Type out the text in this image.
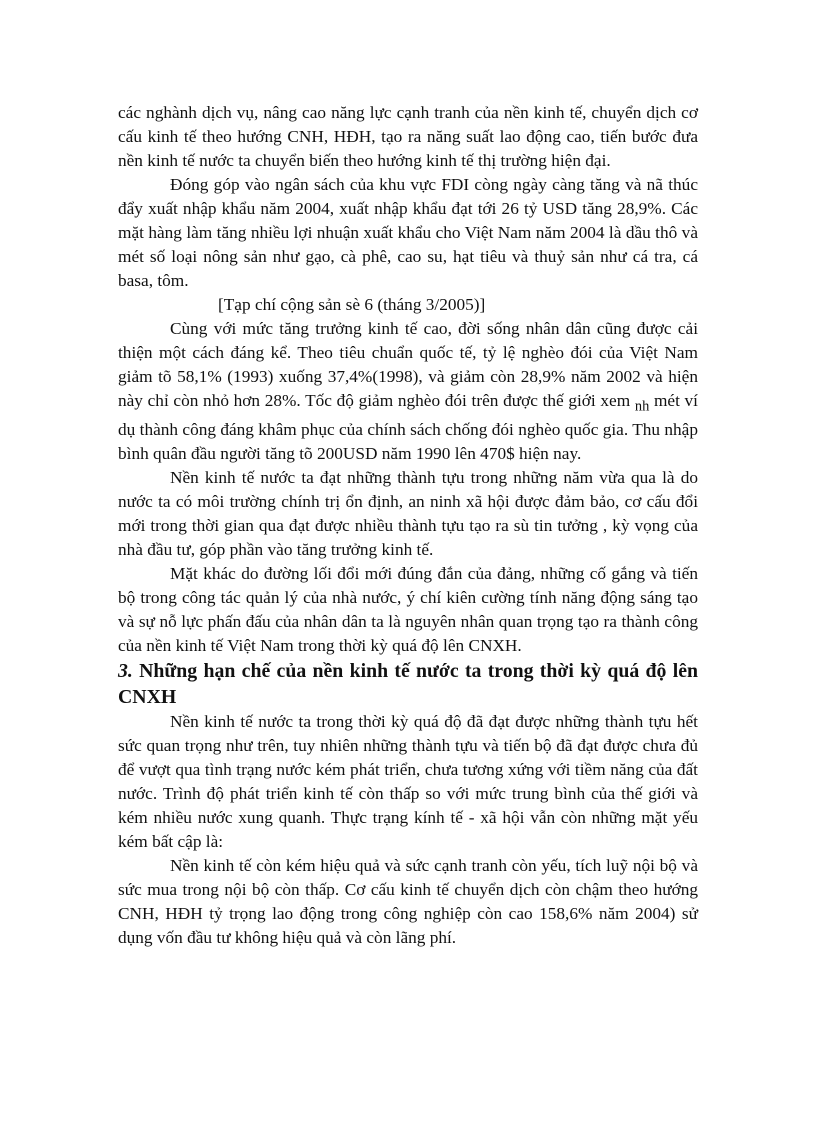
các nghành dịch vụ, nâng cao năng lực cạnh tranh của nền kinh tế, chuyển dịch cơ cấu kinh tế theo hướng CNH, HĐH, tạo ra năng suất lao động cao, tiến bước đưa nền kinh tế nước ta chuyển biến theo hướng kinh tế thị trường hiện đại.

Đóng góp vào ngân sách của khu vực FDI còng ngày càng tăng và nã thúc đẩy xuất nhập khẩu năm 2004, xuất nhập khẩu đạt tới 26 tỷ USD tăng 28,9%. Các mặt hàng làm tăng nhiều lợi nhuận xuất khẩu cho Việt Nam năm 2004 là dầu thô và mét số loại nông sản như gạo, cà phê, cao su, hạt tiêu và thuỷ sản như cá tra, cá basa, tôm.

[Tạp chí cộng sản sè 6 (tháng 3/2005)]

Cùng với mức tăng trưởng kinh tế cao, đời sống nhân dân cũng được cải thiện một cách đáng kể. Theo tiêu chuẩn quốc tế, tỷ lệ nghèo đói của Việt Nam giảm tõ 58,1% (1993) xuống 37,4%(1998), và giảm còn 28,9% năm 2002 và hiện này chỉ còn nhỏ hơn 28%. Tốc độ giảm nghèo đói trên được thế giới xem $_{nh}$ mét ví dụ thành công đáng khâm phục của chính sách chống đói nghèo quốc gia. Thu nhập bình quân đầu người tăng tõ 200USD năm 1990 lên 470$ hiện nay.

Nền kinh tế nước ta đạt những thành tựu trong những năm vừa qua là do nước ta có môi trường chính trị ổn định, an ninh xã hội được đảm bảo, cơ cấu đổi mới trong thời gian qua đạt được nhiều thành tựu tạo ra sù tin tưởng , kỳ vọng của nhà đầu tư, góp phần vào tăng trưởng kinh tế.

Mặt khác do đường lối đổi mới đúng đắn của đảng, những cố gắng và tiến bộ trong công tác quản lý của nhà nước, ý chí kiên cường tính năng động sáng tạo và sự nỗ lực phấn đấu của nhân dân ta là nguyên nhân quan trọng tạo ra thành công của nền kinh tế Việt Nam trong thời kỳ quá độ lên CNXH.

3. Những hạn chế của nền kinh tế nước ta trong thời kỳ quá độ lên CNXH

Nền kinh tế nước ta trong thời kỳ quá độ đã đạt được những thành tựu hết sức quan trọng như trên, tuy nhiên những thành tựu và tiến bộ đã đạt được chưa đủ để vượt qua tình trạng nước kém phát triển, chưa tương xứng với tiềm năng của đất nước. Trình độ phát triển kinh tế còn thấp so với mức trung bình của thế giới và kém nhiều nước xung quanh. Thực trạng kính tế - xã hội vẫn còn những mặt yếu kém bất cập là:

Nền kinh tế còn kém hiệu quả và sức cạnh tranh còn yếu, tích luỹ nội bộ và sức mua trong nội bộ còn thấp. Cơ cấu kinh tế chuyển dịch còn chậm theo hướng CNH, HĐH tỷ trọng lao động trong công nghiệp còn cao 158,6% năm 2004) sử dụng vốn đầu tư không hiệu quả và còn lãng phí.
